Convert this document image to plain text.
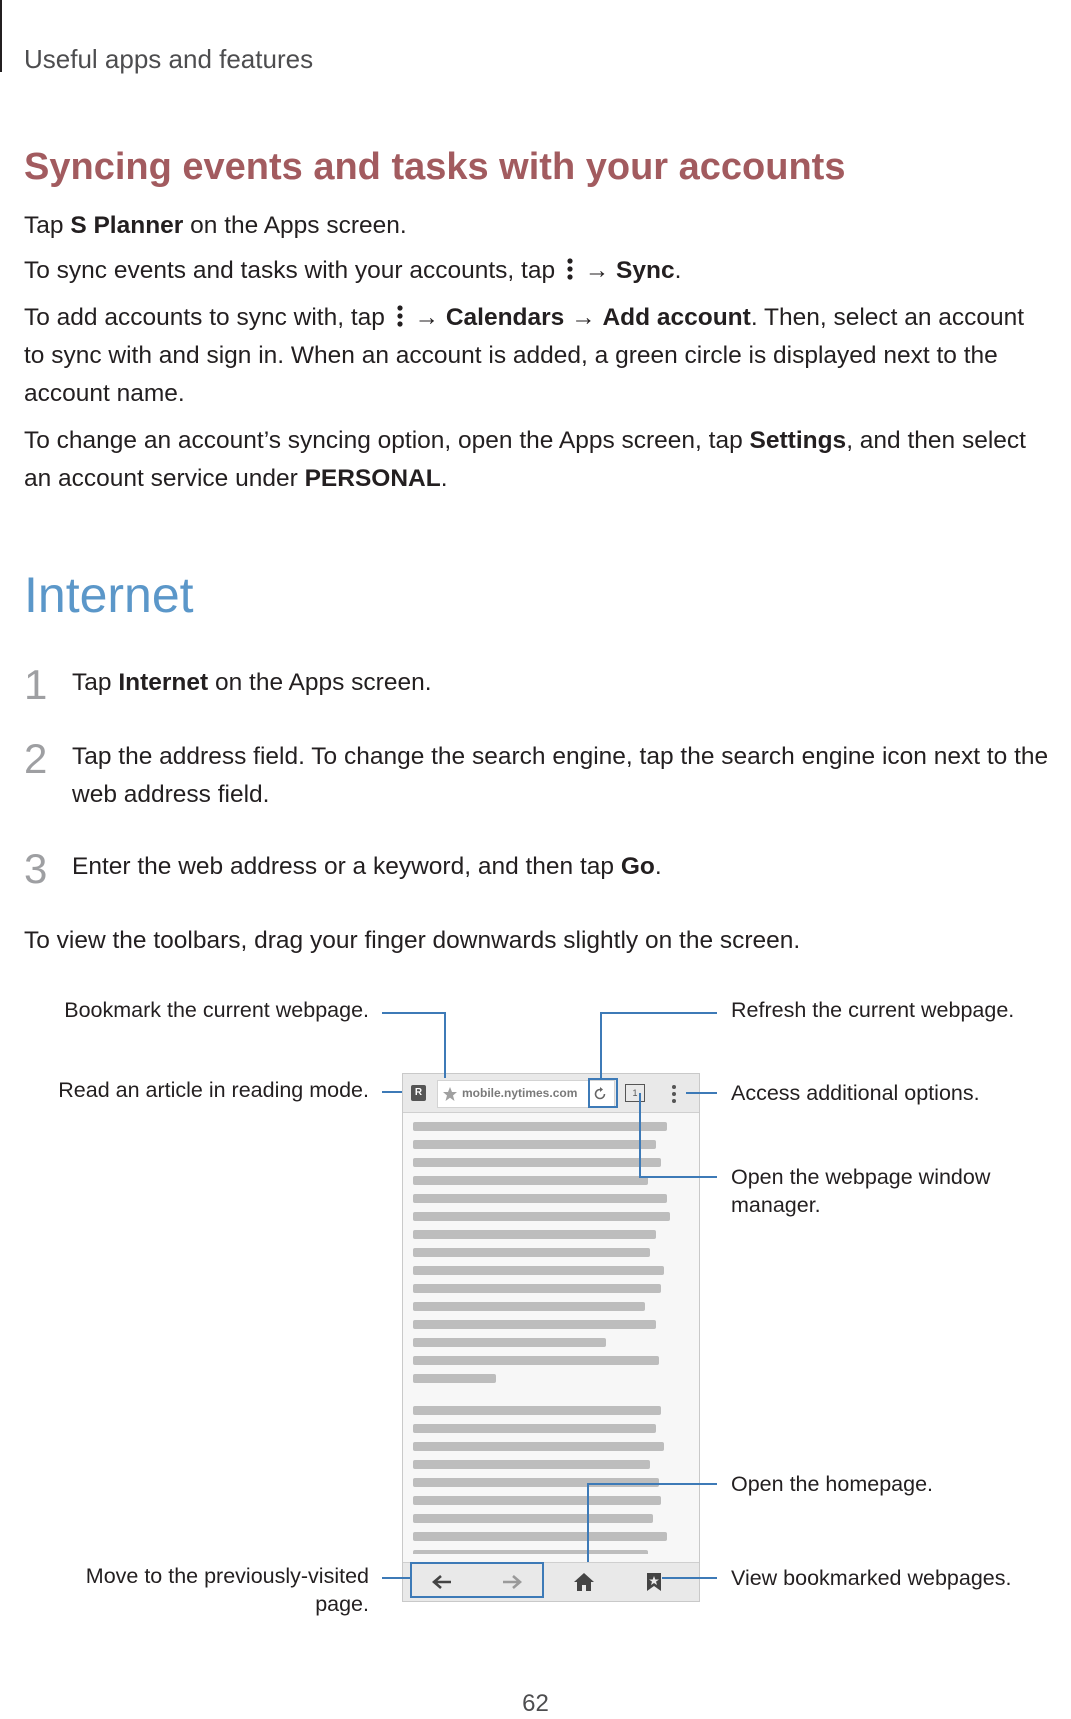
Useful apps and features
Syncing events and tasks with your accounts
Tap S Planner on the Apps screen.
To sync events and tasks with your accounts, tap  → Sync.
To add accounts to sync with, tap  → Calendars → Add account. Then, select an account
to sync with and sign in. When an account is added, a green circle is displayed next to the
account name.
To change an account’s syncing option, open the Apps screen, tap Settings, and then select
an account service under PERSONAL.
Internet
1 Tap Internet on the Apps screen.
2 Tap the address field. To change the search engine, tap the search engine icon next to the
web address field.
3 Enter the web address or a keyword, and then tap Go.
To view the toolbars, drag your finger downwards slightly on the screen.
R	mobile.nytimes.com	1
Bookmark the current webpage.
Read an article in reading mode.
Move to the previously-visited
page.
Refresh the current webpage.
Access additional options.
Open the webpage window
manager.
Open the homepage.
View bookmarked webpages.
62
